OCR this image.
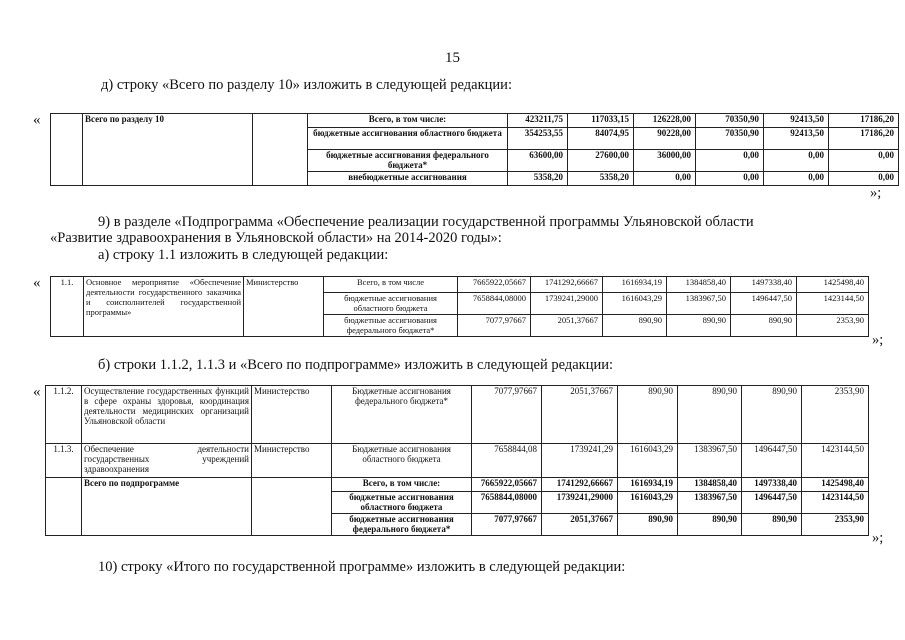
15
д) строку «Всего по разделу 10» изложить в следующей редакции:
«
		Всего по разделу 10		Всего, в том числе:	423211,75	117033,15	126228,00	70350,90	92413,50	17186,20
			бюджетные ассигнования областного бюджета	354253,55	84074,95	90228,00	70350,90	92413,50	17186,20
			бюджетные ассигнования федерального бюджета*	63600,00	27600,00	36000,00	0,00	0,00	0,00
			внебюджетные ассигнования	5358,20	5358,20	0,00	0,00	0,00	0,00
»;
9) в разделе «Подпрограмма «Обеспечение реализации государственной программы Ульяновской области
«Развитие здравоохранения в Ульяновской области» на 2014-2020 годы»:
а) строку 1.1 изложить в следующей редакции:
« 1.1.	Основное мероприятие «Обеспечение деятельности государственного заказчика и соисполнителей государственной программы»	Министерство	Всего, в том числе	7665922,05667	1741292,66667	1616934,19	1384858,40	1497338,40	1425498,40
			бюджетные ассигнования областного бюджета	7658844,08000	1739241,29000	1616043,29	1383967,50	1496447,50	1423144,50
			бюджетные ассигнования федерального бюджета*	7077,97667	2051,37667	890,90	890,90	890,90	2353,90
»;
б) строки 1.1.2, 1.1.3 и «Всего по подпрограмме» изложить в следующей редакции:
« 1.1.2.	Осуществление государственных функций в сфере охраны здоровья, координация деятельности медицинских организаций Ульяновской области	Министерство	Бюджетные ассигнования федерального бюджета*	7077,97667	2051,37667	890,90	890,90	890,90	2353,90
1.1.3.	Обеспечение деятельности государственных учреждений здравоохранения	Министерство	Бюджетные ассигнования областного бюджета	7658844,08	1739241,29	1616043,29	1383967,50	1496447,50	1423144,50
	Всего по подпрограмме		Всего, в том числе:	7665922,05667	1741292,66667	1616934,19	1384858,40	1497338,40	1425498,40
			бюджетные ассигнования областного бюджета	7658844,08000	1739241,29000	1616043,29	1383967,50	1496447,50	1423144,50
			бюджетные ассигнования федерального бюджета*	7077,97667	2051,37667	890,90	890,90	890,90	2353,90
»;
10) строку «Итого по государственной программе» изложить в следующей редакции:
